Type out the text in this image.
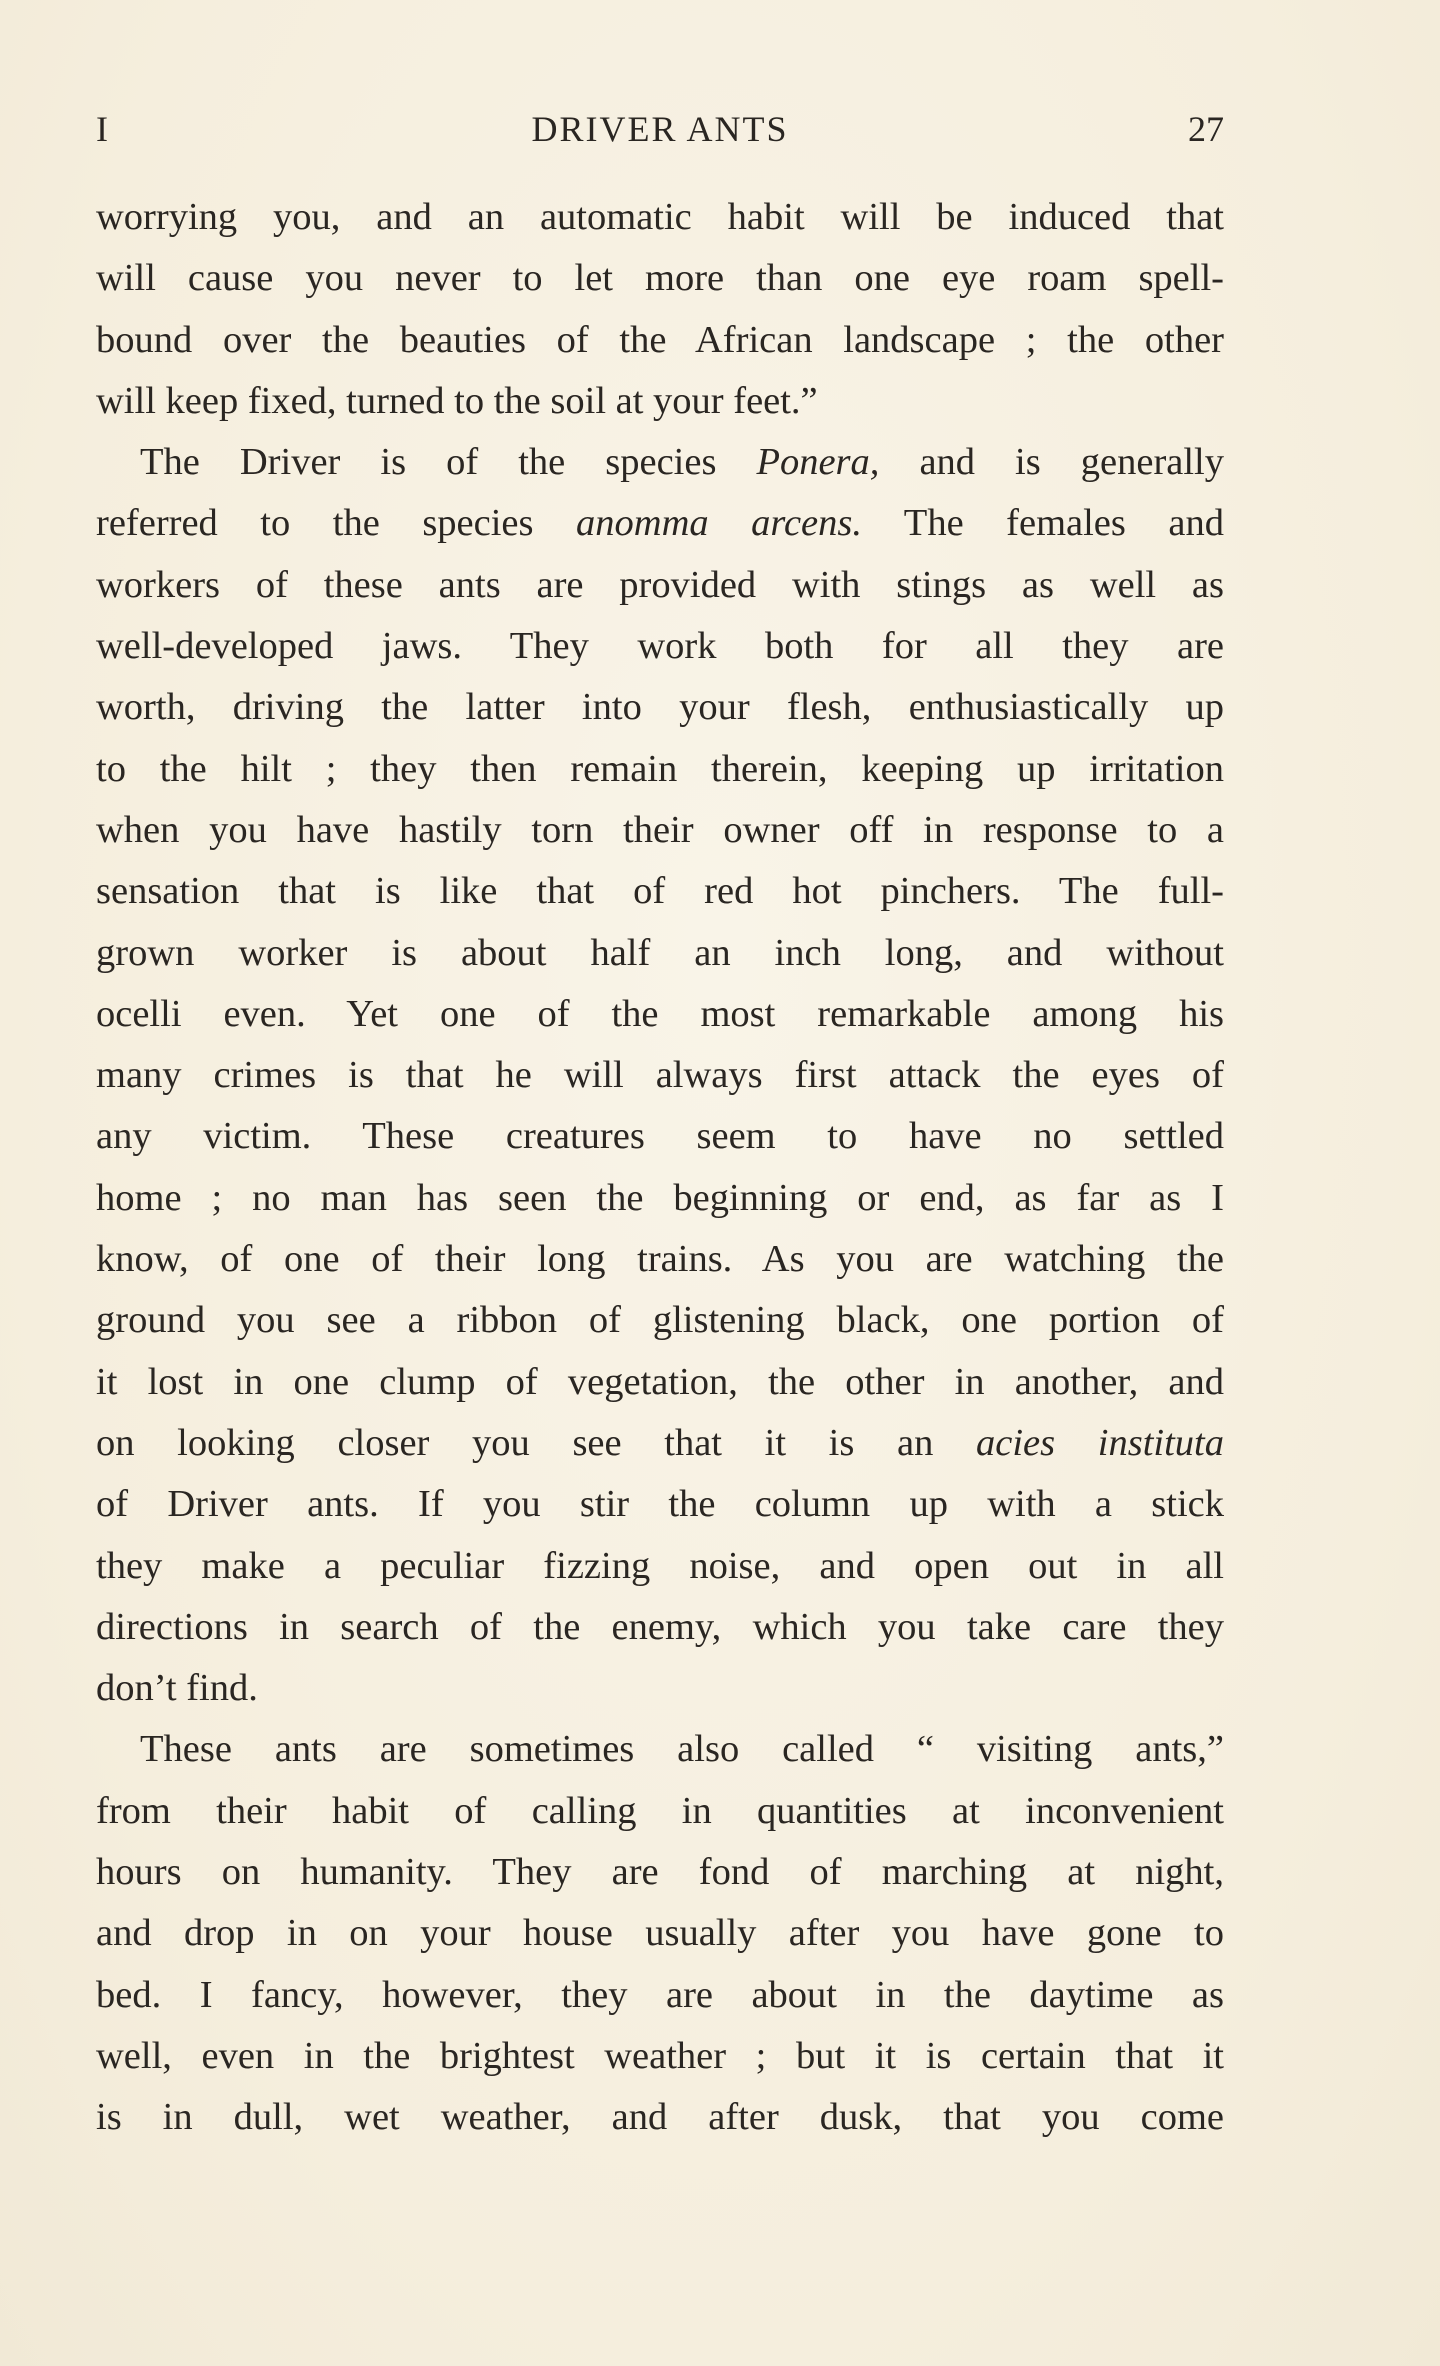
I	DRIVER ANTS	27
worrying you, and an automatic habit will be induced that
will cause you never to let more than one eye roam spell-
bound over the beauties of the African landscape ; the other
will keep fixed, turned to the soil at your feet.”
The Driver is of the species Ponera, and is generally
referred to the species anomma arcens. The females and
workers of these ants are provided with stings as well as
well-developed jaws. They work both for all they are
worth, driving the latter into your flesh, enthusiastically up
to the hilt ; they then remain therein, keeping up irritation
when you have hastily torn their owner off in response to a
sensation that is like that of red hot pinchers. The full-
grown worker is about half an inch long, and without
ocelli even. Yet one of the most remarkable among his
many crimes is that he will always first attack the eyes of
any victim. These creatures seem to have no settled
home ; no man has seen the beginning or end, as far as I
know, of one of their long trains. As you are watching the
ground you see a ribbon of glistening black, one portion of
it lost in one clump of vegetation, the other in another, and
on looking closer you see that it is an acies instituta
of Driver ants. If you stir the column up with a stick
they make a peculiar fizzing noise, and open out in all
directions in search of the enemy, which you take care they
don’t find.
These ants are sometimes also called “ visiting ants,”
from their habit of calling in quantities at inconvenient
hours on humanity. They are fond of marching at night,
and drop in on your house usually after you have gone to
bed. I fancy, however, they are about in the daytime as
well, even in the brightest weather ; but it is certain that it
is in dull, wet weather, and after dusk, that you come
